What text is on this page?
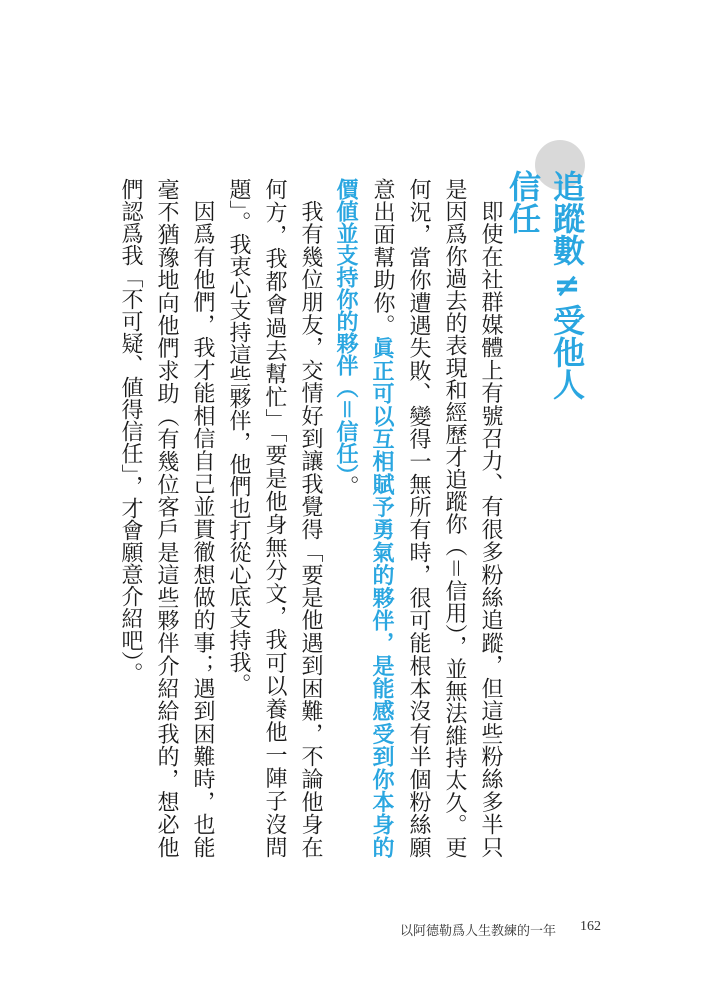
追蹤數≠受他人信任

即使在社群媒體上有號召力、有很多粉絲追蹤，但這些粉絲多半只是因爲你過去的表現和經歷才追蹤你（＝信用），並無法維持太久。更何況，當你遭遇失敗、變得一無所有時，很可能根本沒有半個粉絲願意出面幫助你。眞正可以互相賦予勇氣的夥伴，是能感受到你本身的價値並支持你的夥伴（＝信任）。

我有幾位朋友，交情好到讓我覺得「要是他遇到困難，不論他身在何方，我都會過去幫忙」「要是他身無分文，我可以養他一陣子沒問題」。我衷心支持這些夥伴，他們也打從心底支持我。

因爲有他們，我才能相信自己並貫徹想做的事；遇到困難時，也能毫不猶豫地向他們求助（有幾位客戶是這些夥伴介紹給我的，想必他們認爲我「不可疑、値得信任」，才會願意介紹吧）。

以阿德勒爲人生教練的一年 162
